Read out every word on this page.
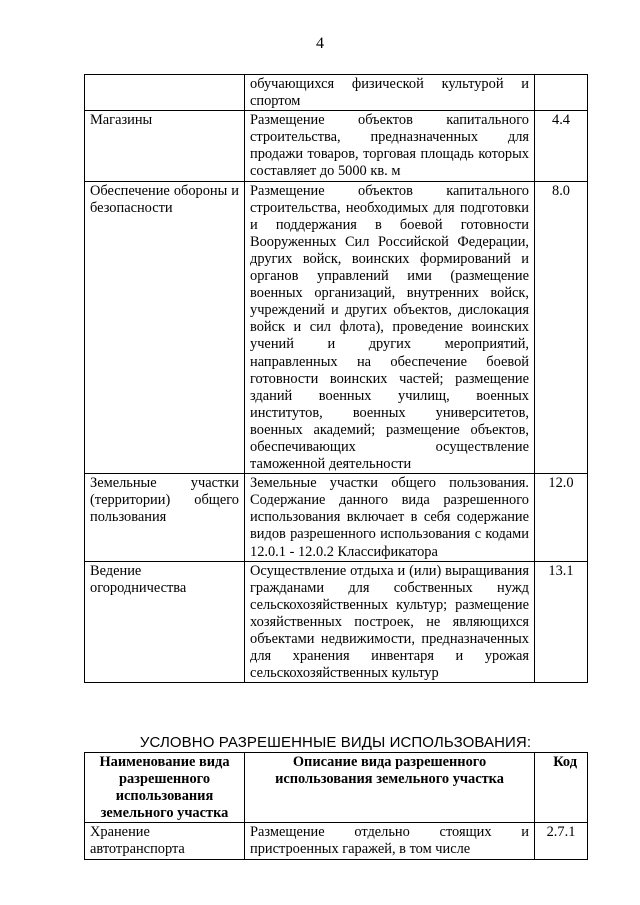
4
	обучающихся физической культурой и спортом	
Магазины	Размещение объектов капитального строительства, предназначенных для продажи товаров, торговая площадь которых составляет до 5000 кв. м	4.4
Обеспечение обороны и безопасности	Размещение объектов капитального строительства, необходимых для подготовки и поддержания в боевой готовности Вооруженных Сил Российской Федерации, других войск, воинских формирований и органов управлений ими (размещение военных организаций, внутренних войск, учреждений и других объектов, дислокация войск и сил флота), проведение воинских учений и других мероприятий, направленных на обеспечение боевой готовности воинских частей; размещение зданий военных училищ, военных институтов, военных университетов, военных академий; размещение объектов, обеспечивающих осуществление таможенной деятельности	8.0
Земельные участки (территории) общего пользования	Земельные участки общего пользования. Содержание данного вида разрешенного использования включает в себя содержание видов разрешенного использования с кодами 12.0.1 - 12.0.2 Классификатора	12.0
Ведение огородничества	Осуществление отдыха и (или) выращивания гражданами для собственных нужд сельскохозяйственных культур; размещение хозяйственных построек, не являющихся объектами недвижимости, предназначенных для хранения инвентаря и урожая сельскохозяйственных культур	13.1
УСЛОВНО РАЗРЕШЕННЫЕ ВИДЫ ИСПОЛЬЗОВАНИЯ:
Наименование вида разрешенного использования земельного участка	Описание вида разрешенного использования земельного участка	Код
Хранение автотранспорта	Размещение отдельно стоящих и пристроенных гаражей, в том числе	2.7.1
